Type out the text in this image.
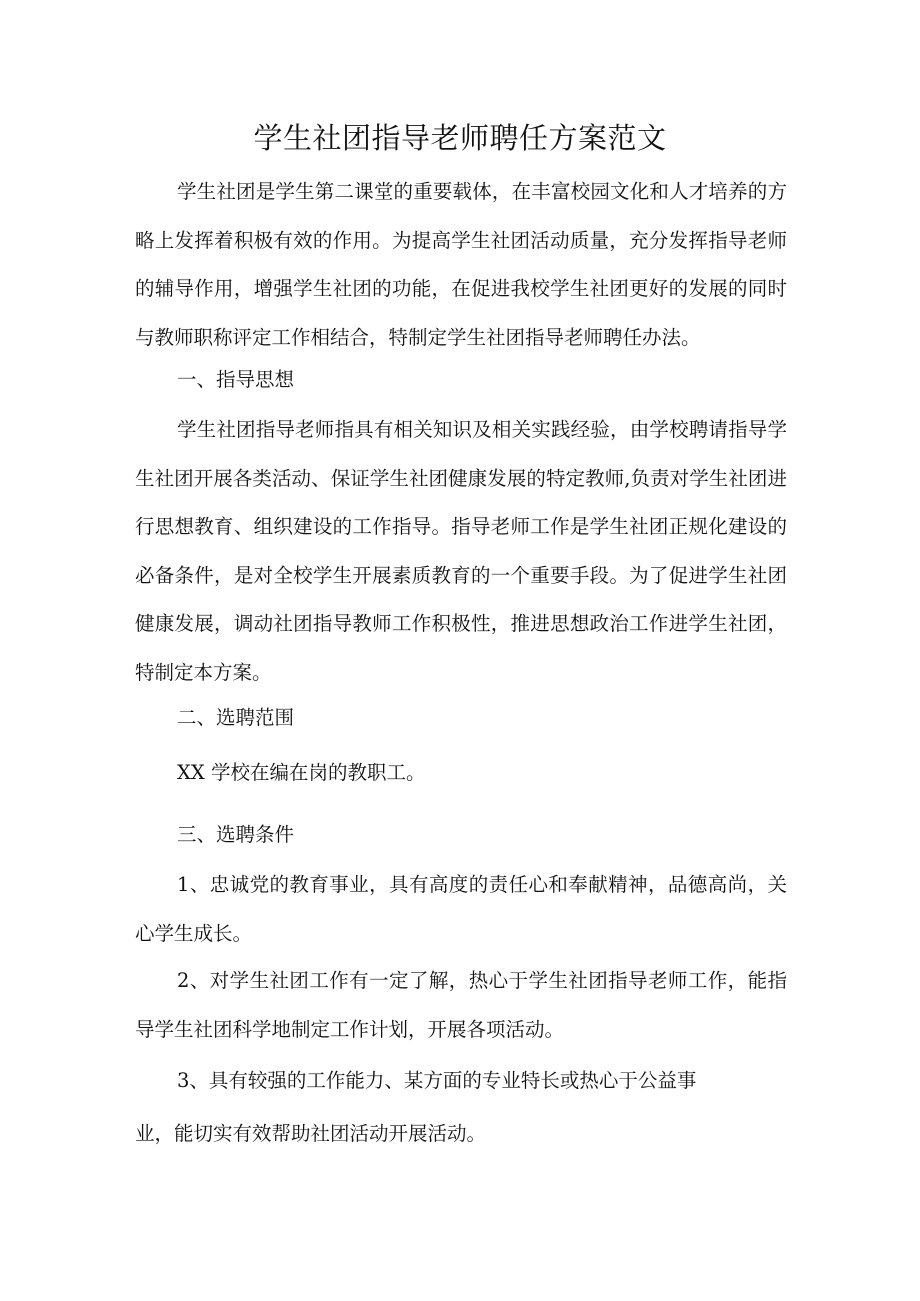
学生社团指导老师聘任方案范文

学生社团是学生第二课堂的重要载体，在丰富校园文化和人才培养的方略上发挥着积极有效的作用。为提高学生社团活动质量，充分发挥指导老师的辅导作用，增强学生社团的功能，在促进我校学生社团更好的发展的同时与教师职称评定工作相结合，特制定学生社团指导老师聘任办法。

一、指导思想

学生社团指导老师指具有相关知识及相关实践经验，由学校聘请指导学生社团开展各类活动、保证学生社团健康发展的特定教师,负责对学生社团进行思想教育、组织建设的工作指导。指导老师工作是学生社团正规化建设的必备条件，是对全校学生开展素质教育的一个重要手段。为了促进学生社团健康发展，调动社团指导教师工作积极性，推进思想政治工作进学生社团，特制定本方案。

二、选聘范围

XX 学校在编在岗的教职工。

三、选聘条件

1、忠诚党的教育事业，具有高度的责任心和奉献精神，品德高尚，关心学生成长。

2、对学生社团工作有一定了解，热心于学生社团指导老师工作，能指导学生社团科学地制定工作计划，开展各项活动。

3、具有较强的工作能力、某方面的专业特长或热心于公益事

业，能切实有效帮助社团活动开展活动。
